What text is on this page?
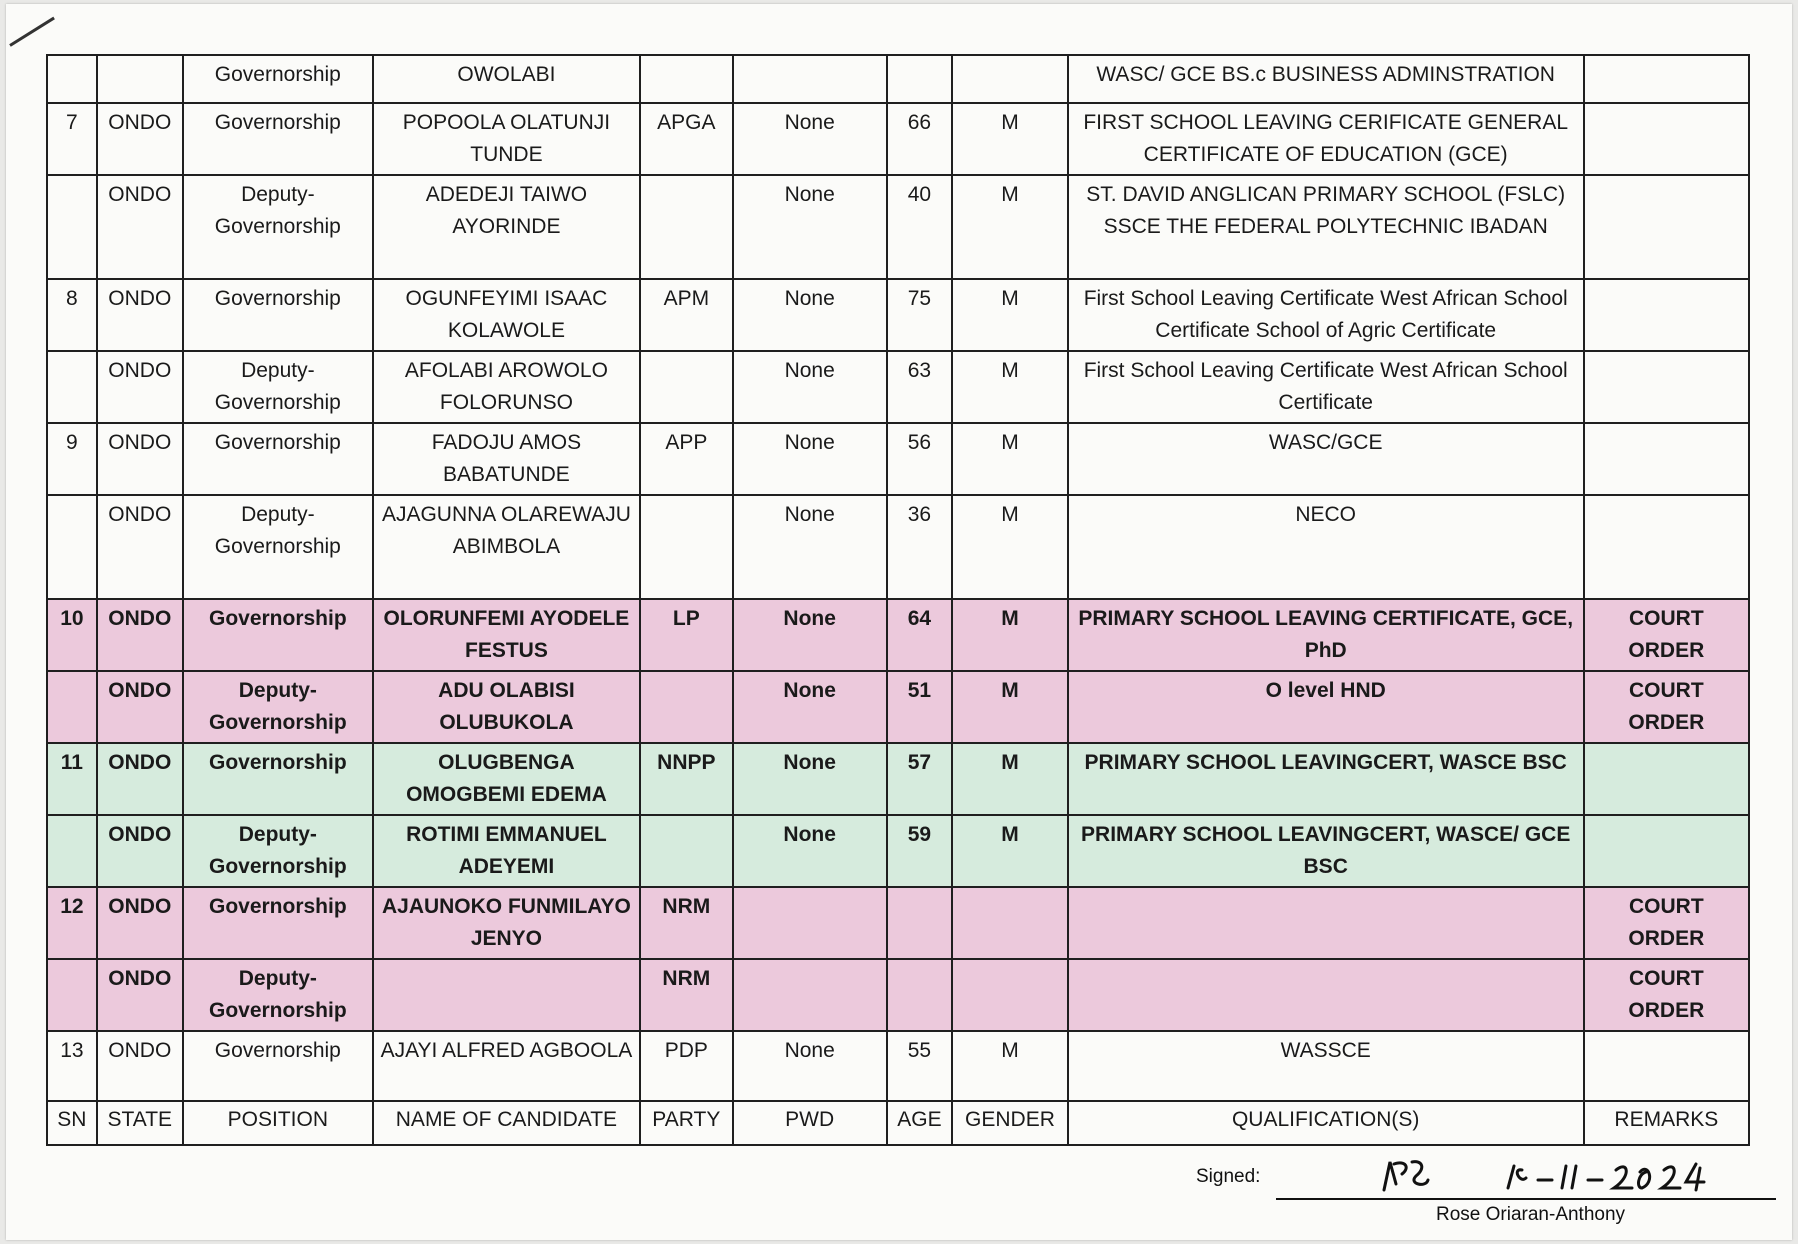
		Governorship	OWOLABI					WASC/ GCE BS.c BUSINESS ADMINSTRATION	
7	ONDO	Governorship	POPOOLA OLATUNJI TUNDE	APGA	None	66	M	FIRST SCHOOL LEAVING CERIFICATE GENERAL CERTIFICATE OF EDUCATION (GCE)	
	ONDO	Deputy-Governorship	ADEDEJI TAIWO AYORINDE		None	40	M	ST. DAVID ANGLICAN PRIMARY SCHOOL (FSLC) SSCE THE FEDERAL POLYTECHNIC IBADAN	
8	ONDO	Governorship	OGUNFEYIMI ISAAC KOLAWOLE	APM	None	75	M	First School Leaving Certificate West African School Certificate School of Agric Certificate	
	ONDO	Deputy-Governorship	AFOLABI AROWOLO FOLORUNSO		None	63	M	First School Leaving Certificate West African School Certificate	
9	ONDO	Governorship	FADOJU AMOS BABATUNDE	APP	None	56	M	WASC/GCE	
	ONDO	Deputy-Governorship	AJAGUNNA OLAREWAJU ABIMBOLA		None	36	M	NECO	
10	ONDO	Governorship	OLORUNFEMI AYODELE FESTUS	LP	None	64	M	PRIMARY SCHOOL LEAVING CERTIFICATE, GCE, PhD	COURT ORDER
	ONDO	Deputy-Governorship	ADU OLABISI OLUBUKOLA		None	51	M	O level HND	COURT ORDER
11	ONDO	Governorship	OLUGBENGA OMOGBEMI EDEMA	NNPP	None	57	M	PRIMARY SCHOOL LEAVINGCERT, WASCE BSC	
	ONDO	Deputy-Governorship	ROTIMI EMMANUEL ADEYEMI		None	59	M	PRIMARY SCHOOL LEAVINGCERT, WASCE/ GCE BSC	
12	ONDO	Governorship	AJAUNOKO FUNMILAYO JENYO	NRM					COURT ORDER
	ONDO	Deputy-Governorship		NRM					COURT ORDER
13	ONDO	Governorship	AJAYI ALFRED AGBOOLA	PDP	None	55	M	WASSCE	
SN	STATE	POSITION	NAME OF CANDIDATE	PARTY	PWD	AGE	GENDER	QUALIFICATION(S)	REMARKS
Signed:
Rose Oriaran-Anthony
